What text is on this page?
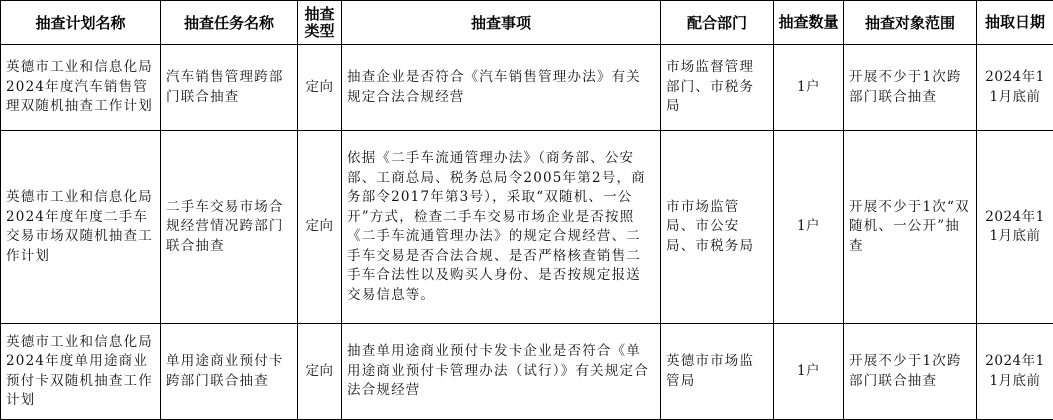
抽查计划名称	抽查任务名称	抽查类型	抽查事项	配合部门	抽查数量	抽查对象范围	抽取日期
英德市工业和信息化局2024年度汽车销售管理双随机抽查工作计划	汽车销售管理跨部门联合抽查	定向	抽查企业是否符合《汽车销售管理办法》有关规定合法合规经营	市场监督管理部门、市税务局	1户	开展不少于1次跨部门联合抽查	2024年11月底前
英德市工业和信息化局2024年度年度二手车交易市场双随机抽查工作计划	二手车交易市场合规经营情况跨部门联合抽查	定向	依据《二手车流通管理办法》（商务部、公安部、工商总局、税务总局令2005年第2号，商务部令2017年第3号），采取“双随机、一公开”方式，检查二手车交易市场企业是否按照《二手车流通管理办法》的规定合规经营、二手车交易是否合法合规、是否严格核查销售二手车合法性以及购买人身份、是否按规定报送交易信息等。	市市场监管局、市公安局、市税务局	1户	开展不少于1次“双随机、一公开”抽查	2024年11月底前
英德市工业和信息化局2024年度单用途商业预付卡双随机抽查工作计划	单用途商业预付卡跨部门联合抽查	定向	抽查单用途商业预付卡发卡企业是否符合《单用途商业预付卡管理办法（试行）》有关规定合法合规经营	英德市市场监管局	1户	开展不少于1次跨部门联合抽查	2024年11月底前
